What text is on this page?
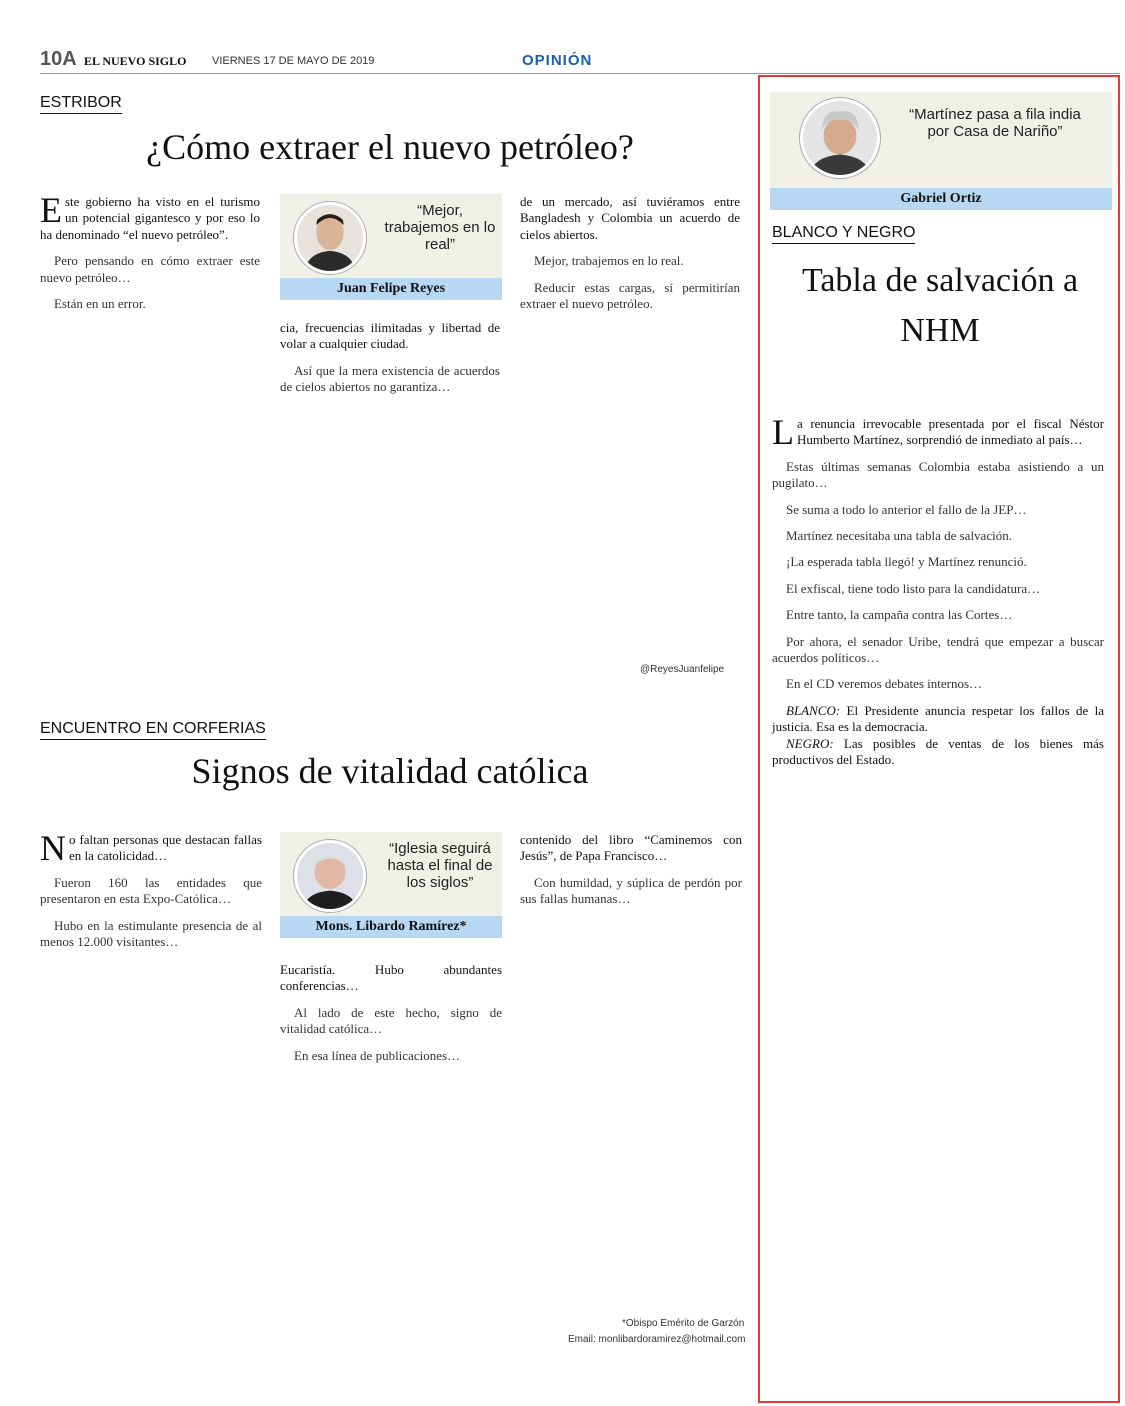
10A EL NUEVO SIGLO VIERNES 17 DE MAYO DE 2019	OPINIÓN
ESTRIBOR
¿Cómo extraer el nuevo petróleo?

Este gobierno ha visto en el turismo un potencial gigantesco y por eso lo ha denominado “el nuevo petróleo”.

Pero pensando en cómo extraer este nuevo petróleo…

Están en un error.

“Mejor, trabajemos en lo real”
Juan Felipe Reyes

cia, frecuencias ilimitadas y libertad de volar a cualquier ciudad.

Así que la mera existencia de acuerdos de cielos abiertos no garantiza…

de un mercado, así tuviéramos entre Bangladesh y Colombia un acuerdo de cielos abiertos.

Mejor, trabajemos en lo real.

Reducir estas cargas, sí permitirían extraer el nuevo petróleo.

@ReyesJuanfelipe
ENCUENTRO EN CORFERIAS
Signos de vitalidad católica

No faltan personas que destacan fallas en la catolicidad…

Fueron 160 las entidades que presentaron en esta Expo-Católica…

Hubo en la estimulante presencia de al menos 12.000 visitantes…

“Iglesia seguirá hasta el final de los siglos”
Mons. Libardo Ramírez*

Eucaristía. Hubo abundantes conferencias…

Al lado de este hecho, signo de vitalidad católica…

En esa línea de publicaciones…

contenido del libro “Caminemos con Jesús”, de Papa Francisco…

Con humildad, y súplica de perdón por sus fallas humanas…

*Obispo Emérito de Garzón
Email: monlibardoramirez@hotmail.com
“Martínez pasa a fila india por Casa de Nariño”
Gabriel Ortiz
BLANCO Y NEGRO
Tabla de salvación a NHM

La renuncia irrevocable presentada por el fiscal Néstor Humberto Martínez, sorprendió de inmediato al país…

Estas últimas semanas Colombia estaba asistiendo a un pugilato…

Se suma a todo lo anterior el fallo de la JEP…

Martínez necesitaba una tabla de salvación.

¡La esperada tabla llegó! y Martínez renunció.

El exfiscal, tiene todo listo para la candidatura…

Entre tanto, la campaña contra las Cortes…

Por ahora, el senador Uribe, tendrá que empezar a buscar acuerdos políticos…

En el CD veremos debates internos…

BLANCO: El Presidente anuncia respetar los fallos de la justicia. Esa es la democracia.

NEGRO: Las posibles de ventas de los bienes más productivos del Estado.
